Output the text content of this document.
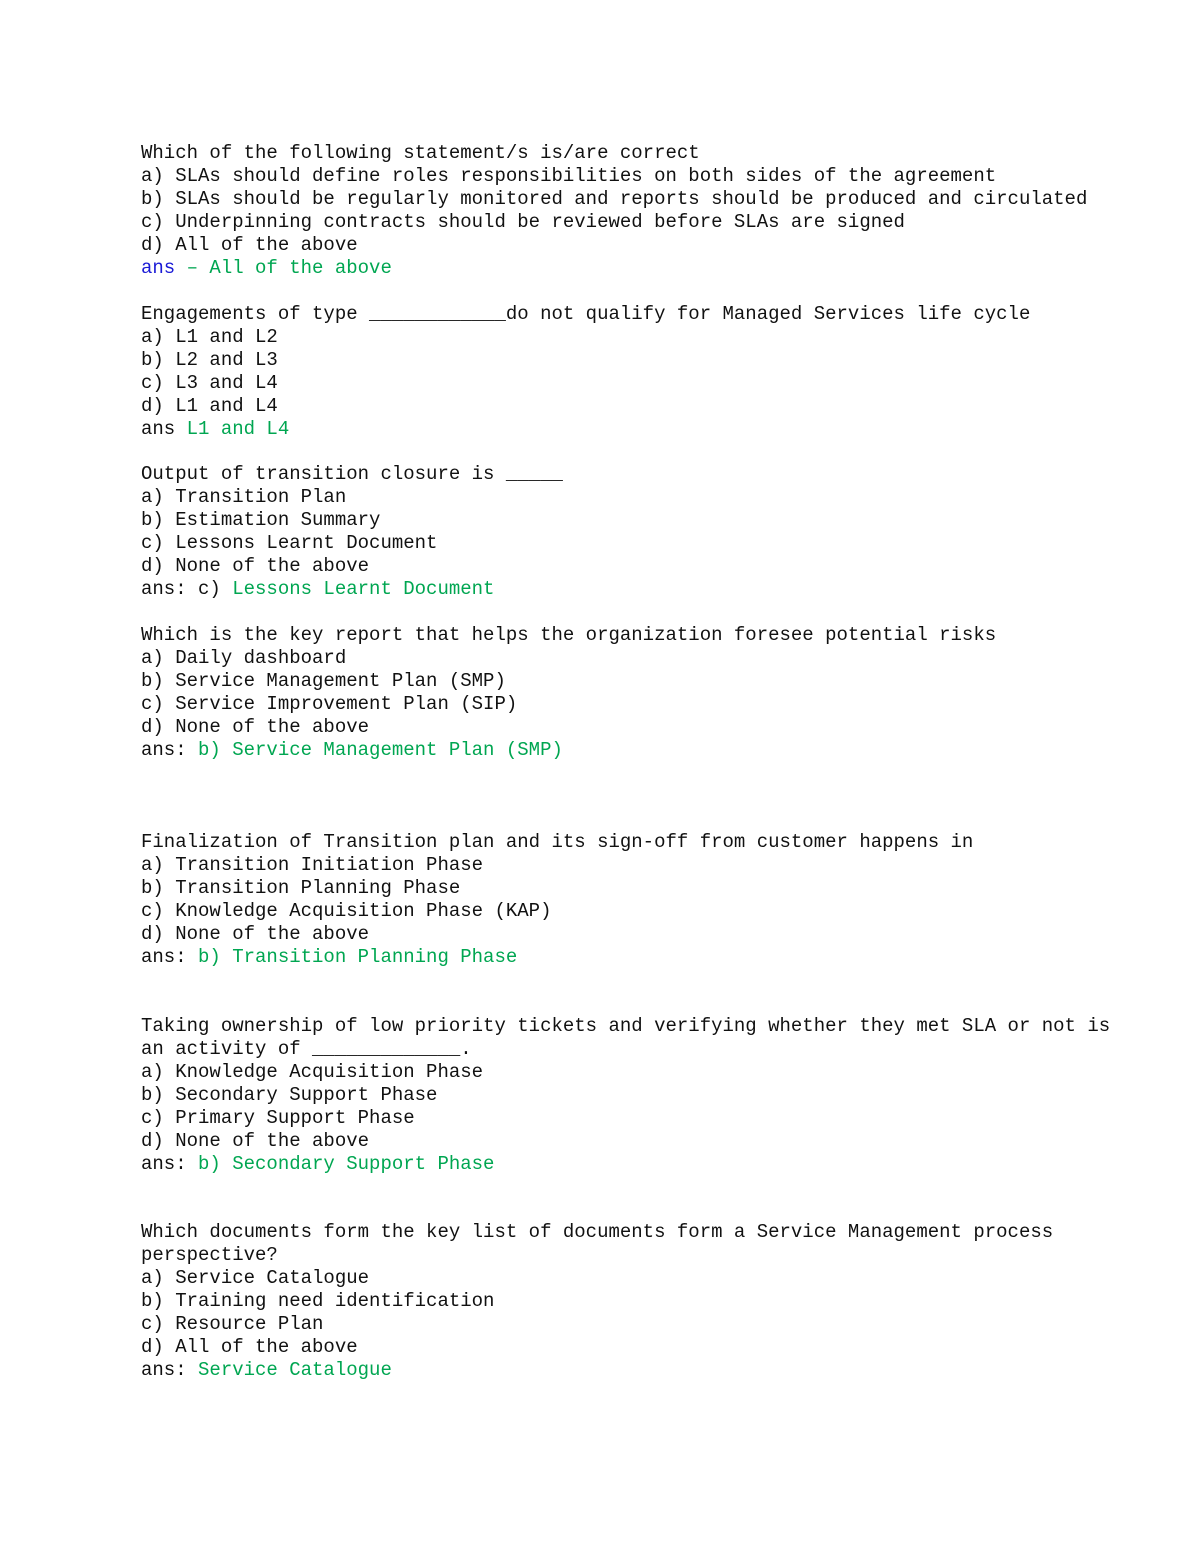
Which of the following statement/s is/are correct
a) SLAs should define roles responsibilities on both sides of the agreement
b) SLAs should be regularly monitored and reports should be produced and circulated
c) Underpinning contracts should be reviewed before SLAs are signed
d) All of the above
ans – All of the above
Engagements of type ____________do not qualify for Managed Services life cycle
a) L1 and L2
b) L2 and L3
c) L3 and L4
d) L1 and L4
ans L1 and L4
Output of transition closure is _____
a) Transition Plan
b) Estimation Summary
c) Lessons Learnt Document
d) None of the above
ans: c) Lessons Learnt Document
Which is the key report that helps the organization foresee potential risks
a) Daily dashboard
b) Service Management Plan (SMP)
c) Service Improvement Plan (SIP)
d) None of the above
ans: b) Service Management Plan (SMP)
Finalization of Transition plan and its sign-off from customer happens in
a) Transition Initiation Phase
b) Transition Planning Phase
c) Knowledge Acquisition Phase (KAP)
d) None of the above
ans: b) Transition Planning Phase
Taking ownership of low priority tickets and verifying whether they met SLA or not is
an activity of _____________.
a) Knowledge Acquisition Phase
b) Secondary Support Phase
c) Primary Support Phase
d) None of the above
ans: b) Secondary Support Phase
Which documents form the key list of documents form a Service Management process
perspective?
a) Service Catalogue
b) Training need identification
c) Resource Plan
d) All of the above
ans: Service Catalogue
